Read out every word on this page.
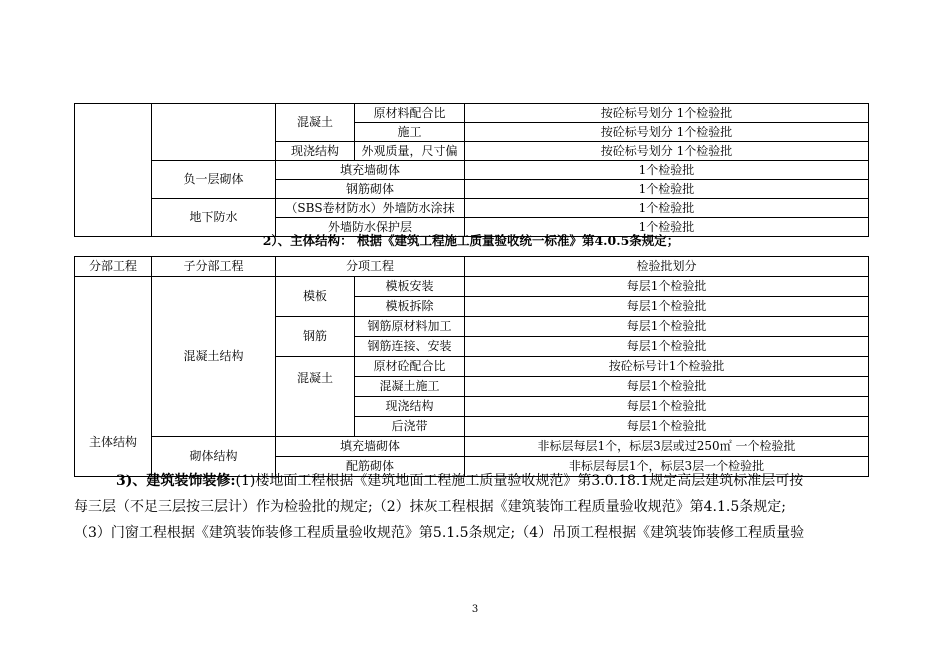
		混凝土	原材料配合比	按砼标号划分 1个检验批
			施工	按砼标号划分 1个检验批
		现浇结构	外观质量，尺寸偏	按砼标号划分 1个检验批
	负一层砌体	填充墙砌体		1个检验批
		钢筋砌体		1个检验批
	地下防水	（SBS卷材防水）外墙防水涂抹		1个检验批
		外墙防水保护层		1个检验批
2）、主体结构： 根据《建筑工程施工质量验收统一标准》第4.0.5条规定；
分部工程	子分部工程	分项工程		检验批划分
主体结构	混凝土结构	模板	模板安装	每层1个检验批
			模板拆除	每层1个检验批
		钢筋	钢筋原材料加工	每层1个检验批
			钢筋连接、安装	每层1个检验批
		混凝土	原材砼配合比	按砼标号计1个检验批
			混凝土施工	每层1个检验批
			现浇结构	每层1个检验批
			后浇带	每层1个检验批
	砌体结构	填充墙砌体		非标层每层1个，标层3层或过250㎡ 一个检验批
		配筋砌体		非标层每层1个，标层3层一个检验批

3)、建筑装饰装修:(1)楼地面工程根据《建筑地面工程施工质量验收规范》第3.0.18.1规定高层建筑标准层可按

每三层（不足三层按三层计）作为检验批的规定;（2）抹灰工程根据《建筑装饰工程质量验收规范》第4.1.5条规定;

（3）门窗工程根据《建筑装饰装修工程质量验收规范》第5.1.5条规定;（4）吊顶工程根据《建筑装饰装修工程质量验

3
